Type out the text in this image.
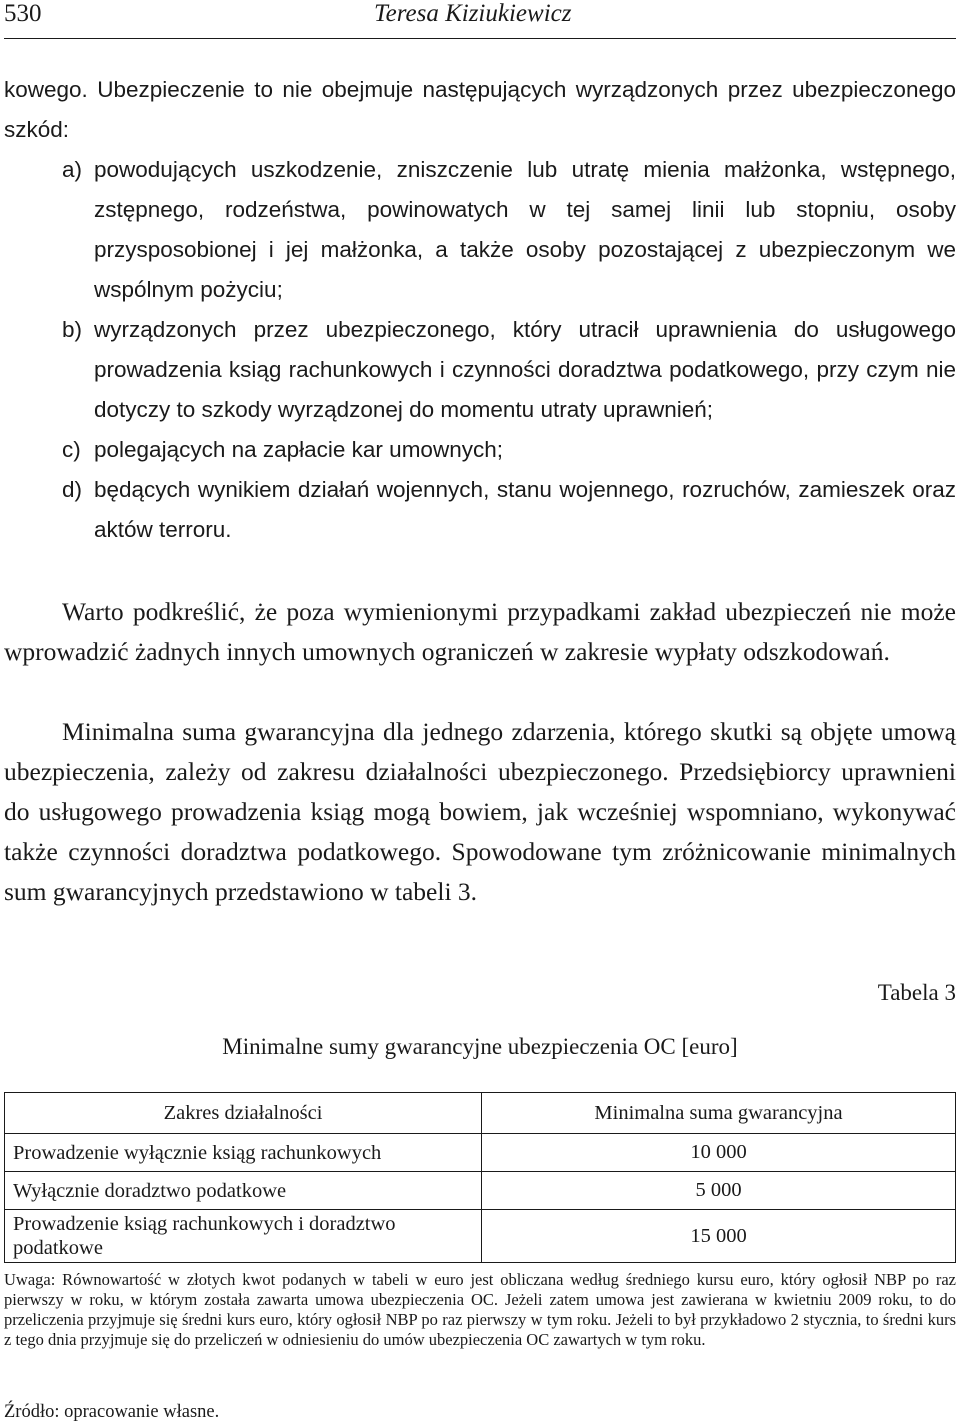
530	Teresa Kiziukiewicz

kowego. Ubezpieczenie to nie obejmuje następujących wyrządzonych przez ubezpieczonego szkód:

a) powodujących uszkodzenie, zniszczenie lub utratę mienia małżonka, wstępnego, zstępnego, rodzeństwa, powinowatych w tej samej linii lub stopniu, osoby przysposobionej i jej małżonka, a także osoby pozostającej z ubezpieczonym we wspólnym pożyciu;
b) wyrządzonych przez ubezpieczonego, który utracił uprawnienia do usługowego prowadzenia ksiąg rachunkowych i czynności doradztwa podatkowego, przy czym nie dotyczy to szkody wyrządzonej do momentu utraty uprawnień;
c) polegających na zapłacie kar umownych;
d) będących wynikiem działań wojennych, stanu wojennego, rozruchów, zamieszek oraz aktów terroru.

Warto podkreślić, że poza wymienionymi przypadkami zakład ubezpieczeń nie może wprowadzić żadnych innych umownych ograniczeń w zakresie wypłaty odszkodowań.

Minimalna suma gwarancyjna dla jednego zdarzenia, którego skutki są objęte umową ubezpieczenia, zależy od zakresu działalności ubezpieczonego. Przedsiębiorcy uprawnieni do usługowego prowadzenia ksiąg mogą bowiem, jak wcześniej wspomniano, wykonywać także czynności doradztwa podatkowego. Spowodowane tym zróżnicowanie minimalnych sum gwarancyjnych przedstawiono w tabeli 3.

Tabela 3
Minimalne sumy gwarancyjne ubezpieczenia OC [euro]
Zakres działalności	Minimalna suma gwarancyjna
Prowadzenie wyłącznie ksiąg rachunkowych	10 000
Wyłącznie doradztwo podatkowe	5 000
Prowadzenie ksiąg rachunkowych i doradztwo podatkowe	15 000

Uwaga: Równowartość w złotych kwot podanych w tabeli w euro jest obliczana według średniego kursu euro, który ogłosił NBP po raz pierwszy w roku, w którym została zawarta umowa ubezpieczenia OC. Jeżeli zatem umowa jest zawierana w kwietniu 2009 roku, to do przeliczenia przyjmuje się średni kurs euro, który ogłosił NBP po raz pierwszy w tym roku. Jeżeli to był przykładowo 2 stycznia, to średni kurs z tego dnia przyjmuje się do przeliczeń w odniesieniu do umów ubezpieczenia OC zawartych w tym roku.

Źródło: opracowanie własne.
